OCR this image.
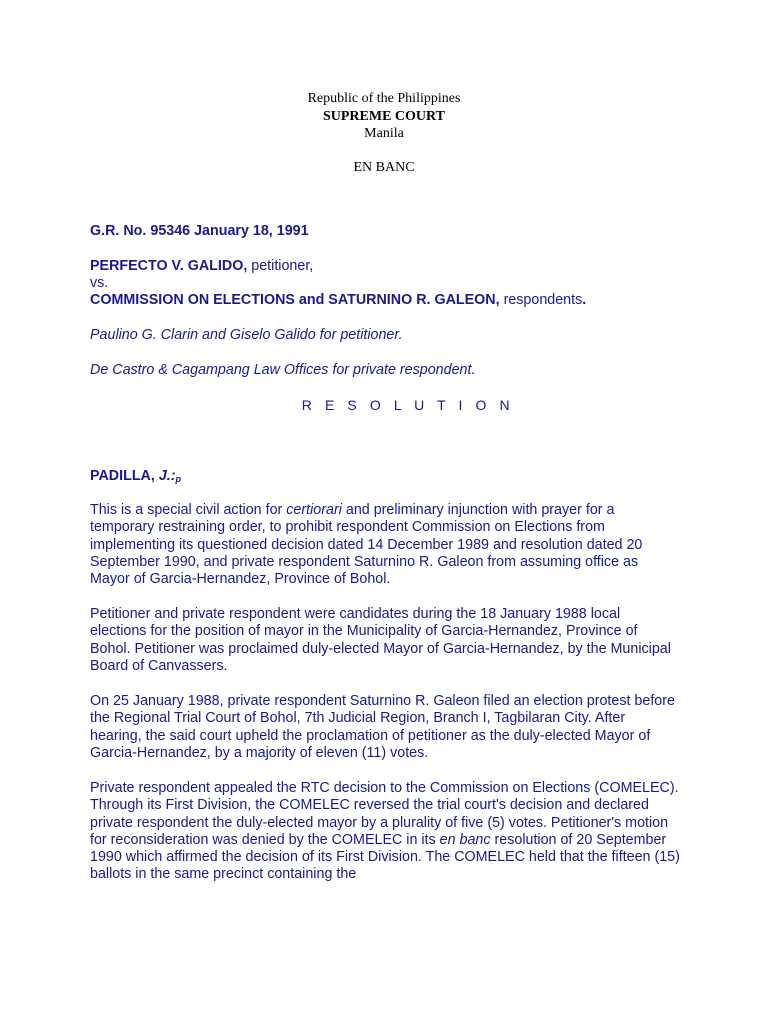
Republic of the Philippines
SUPREME COURT
Manila
EN BANC
G.R. No. 95346 January 18, 1991
PERFECTO V. GALIDO, petitioner,
vs.
COMMISSION ON ELECTIONS and SATURNINO R. GALEON, respondents.
Paulino G. Clarin and Giselo Galido for petitioner.
De Castro & Cagampang Law Offices for private respondent.
R E S O L U T I O N
PADILLA, J.:p

This is a special civil action for certiorari and preliminary injunction with prayer for a temporary restraining order, to prohibit respondent Commission on Elections from implementing its questioned decision dated 14 December 1989 and resolution dated 20 September 1990, and private respondent Saturnino R. Galeon from assuming office as Mayor of Garcia-Hernandez, Province of Bohol.

Petitioner and private respondent were candidates during the 18 January 1988 local elections for the position of mayor in the Municipality of Garcia-Hernandez, Province of Bohol. Petitioner was proclaimed duly-elected Mayor of Garcia-Hernandez, by the Municipal Board of Canvassers.

On 25 January 1988, private respondent Saturnino R. Galeon filed an election protest before the Regional Trial Court of Bohol, 7th Judicial Region, Branch I, Tagbilaran City. After hearing, the said court upheld the proclamation of petitioner as the duly-elected Mayor of Garcia-Hernandez, by a majority of eleven (11) votes.

Private respondent appealed the RTC decision to the Commission on Elections (COMELEC). Through its First Division, the COMELEC reversed the trial court's decision and declared private respondent the duly-elected mayor by a plurality of five (5) votes. Petitioner's motion for reconsideration was denied by the COMELEC in its en banc resolution of 20 September 1990 which affirmed the decision of its First Division. The COMELEC held that the fifteen (15) ballots in the same precinct containing the
